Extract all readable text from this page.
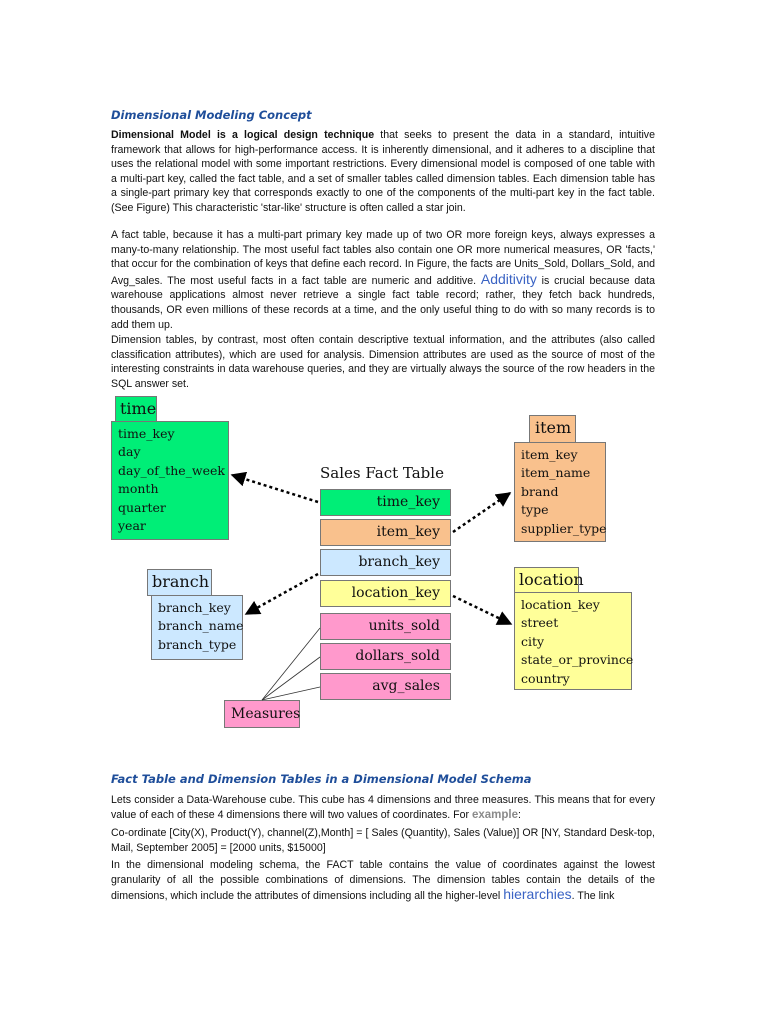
Dimensional Modeling Concept

Dimensional Model is a logical design technique that seeks to present the data in a standard, intuitive framework that allows for high-performance access. It is inherently dimensional, and it adheres to a discipline that uses the relational model with some important restrictions. Every dimensional model is composed of one table with a multi-part key, called the fact table, and a set of smaller tables called dimension tables. Each dimension table has a single-part primary key that corresponds exactly to one of the components of the multi-part key in the fact table. (See Figure) This characteristic 'star-like' structure is often called a star join.

A fact table, because it has a multi-part primary key made up of two OR more foreign keys, always expresses a many-to-many relationship. The most useful fact tables also contain one OR more numerical measures, OR 'facts,' that occur for the combination of keys that define each record. In Figure, the facts are Units_Sold, Dollars_Sold, and Avg_sales. The most useful facts in a fact table are numeric and additive. Additivity is crucial because data warehouse applications almost never retrieve a single fact table record; rather, they fetch back hundreds, thousands, OR even millions of these records at a time, and the only useful thing to do with so many records is to add them up.

Dimension tables, by contrast, most often contain descriptive textual information, and the attributes (also called classification attributes), which are used for analysis. Dimension attributes are used as the source of most of the interesting constraints in data warehouse queries, and they are virtually always the source of the row headers in the SQL answer set.

time
time_key
day
day_of_the_week
month
quarter
year
item
item_key
item_name
brand
type
supplier_type
branch
branch_key
branch_name
branch_type
location
location_key
street
city
state_or_province
country
Sales Fact Table
time_key
item_key
branch_key
location_key
units_sold
dollars_sold
avg_sales
Measures
Fact Table and Dimension Tables in a Dimensional Model Schema

Lets consider a Data-Warehouse cube. This cube has 4 dimensions and three measures. This means that for every value of each of these 4 dimensions there will two values of coordinates. For example:

Co-ordinate [City(X), Product(Y), channel(Z),Month] = [ Sales (Quantity), Sales (Value)] OR [NY, Standard Desk-top, Mail, September 2005] = [2000 units, $15000]

In the dimensional modeling schema, the FACT table contains the value of coordinates against the lowest granularity of all the possible combinations of dimensions. The dimension tables contain the details of the dimensions, which include the attributes of dimensions including all the higher-level hierarchies. The link
